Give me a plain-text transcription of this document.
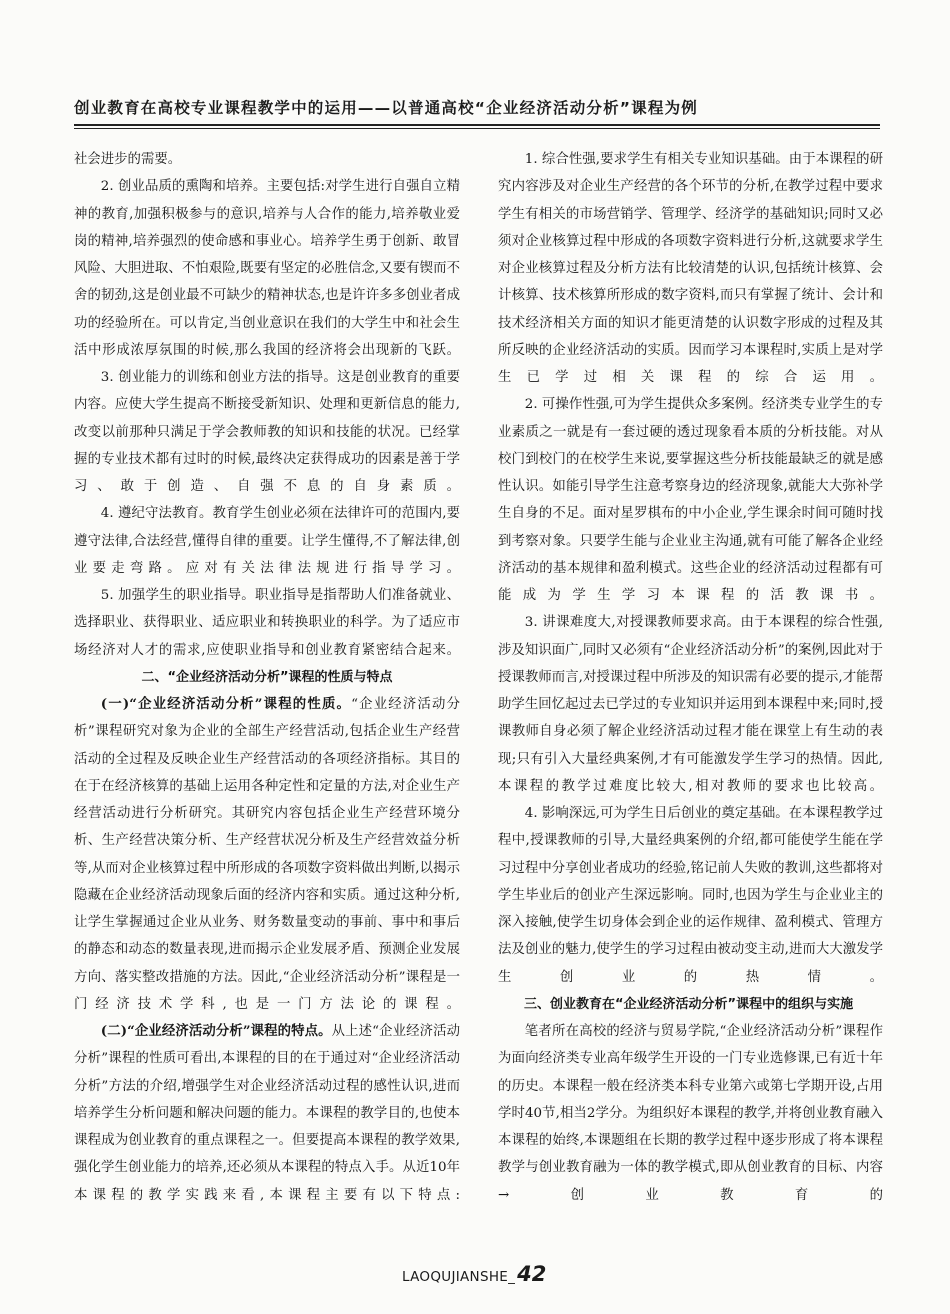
创业教育在高校专业课程教学中的运用——以普通高校“企业经济活动分析”课程为例

社会进步的需要。

2. 创业品质的熏陶和培养。主要包括:对学生进行自强自立精神的教育,加强积极参与的意识,培养与人合作的能力,培养敬业爱岗的精神,培养强烈的使命感和事业心。培养学生勇于创新、敢冒风险、大胆进取、不怕艰险,既要有坚定的必胜信念,又要有锲而不舍的韧劲,这是创业最不可缺少的精神状态,也是许许多多创业者成功的经验所在。可以肯定,当创业意识在我们的大学生中和社会生活中形成浓厚氛围的时候,那么我国的经济将会出现新的飞跃。

3. 创业能力的训练和创业方法的指导。这是创业教育的重要内容。应使大学生提高不断接受新知识、处理和更新信息的能力,改变以前那种只满足于学会教师教的知识和技能的状况。已经掌握的专业技术都有过时的时候,最终决定获得成功的因素是善于学习、敢于创造、自强不息的自身素质。

4. 遵纪守法教育。教育学生创业必须在法律许可的范围内,要遵守法律,合法经营,懂得自律的重要。让学生懂得,不了解法律,创业要走弯路。应对有关法律法规进行指导学习。

5. 加强学生的职业指导。职业指导是指帮助人们准备就业、选择职业、获得职业、适应职业和转换职业的科学。为了适应市场经济对人才的需求,应使职业指导和创业教育紧密结合起来。

二、“企业经济活动分析”课程的性质与特点

(一)“企业经济活动分析”课程的性质。“企业经济活动分析”课程研究对象为企业的全部生产经营活动,包括企业生产经营活动的全过程及反映企业生产经营活动的各项经济指标。其目的在于在经济核算的基础上运用各种定性和定量的方法,对企业生产经营活动进行分析研究。其研究内容包括企业生产经营环境分析、生产经营决策分析、生产经营状况分析及生产经营效益分析等,从而对企业核算过程中所形成的各项数字资料做出判断,以揭示隐藏在企业经济活动现象后面的经济内容和实质。通过这种分析,让学生掌握通过企业从业务、财务数量变动的事前、事中和事后的静态和动态的数量表现,进而揭示企业发展矛盾、预测企业发展方向、落实整改措施的方法。因此,“企业经济活动分析”课程是一门经济技术学科,也是一门方法论的课程。

(二)“企业经济活动分析”课程的特点。从上述“企业经济活动分析”课程的性质可看出,本课程的目的在于通过对“企业经济活动分析”方法的介绍,增强学生对企业经济活动过程的感性认识,进而培养学生分析问题和解决问题的能力。本课程的教学目的,也使本课程成为创业教育的重点课程之一。但要提高本课程的教学效果,强化学生创业能力的培养,还必须从本课程的特点入手。从近10年本课程的教学实践来看,本课程主要有以下特点:

1. 综合性强,要求学生有相关专业知识基础。由于本课程的研究内容涉及对企业生产经营的各个环节的分析,在教学过程中要求学生有相关的市场营销学、管理学、经济学的基础知识;同时又必须对企业核算过程中形成的各项数字资料进行分析,这就要求学生对企业核算过程及分析方法有比较清楚的认识,包括统计核算、会计核算、技术核算所形成的数字资料,而只有掌握了统计、会计和技术经济相关方面的知识才能更清楚的认识数字形成的过程及其所反映的企业经济活动的实质。因而学习本课程时,实质上是对学生已学过相关课程的综合运用。

2. 可操作性强,可为学生提供众多案例。经济类专业学生的专业素质之一就是有一套过硬的透过现象看本质的分析技能。对从校门到校门的在校学生来说,要掌握这些分析技能最缺乏的就是感性认识。如能引导学生注意考察身边的经济现象,就能大大弥补学生自身的不足。面对星罗棋布的中小企业,学生课余时间可随时找到考察对象。只要学生能与企业业主沟通,就有可能了解各企业经济活动的基本规律和盈利模式。这些企业的经济活动过程都有可能成为学生学习本课程的活教课书。

3. 讲课难度大,对授课教师要求高。由于本课程的综合性强,涉及知识面广,同时又必须有“企业经济活动分析”的案例,因此对于授课教师而言,对授课过程中所涉及的知识需有必要的提示,才能帮助学生回忆起过去已学过的专业知识并运用到本课程中来;同时,授课教师自身必须了解企业经济活动过程才能在课堂上有生动的表现;只有引入大量经典案例,才有可能激发学生学习的热情。因此,本课程的教学过难度比较大,相对教师的要求也比较高。

4. 影响深远,可为学生日后创业的奠定基础。在本课程教学过程中,授课教师的引导,大量经典案例的介绍,都可能使学生能在学习过程中分享创业者成功的经验,铭记前人失败的教训,这些都将对学生毕业后的创业产生深远影响。同时,也因为学生与企业业主的深入接触,使学生切身体会到企业的运作规律、盈利模式、管理方法及创业的魅力,使学生的学习过程由被动变主动,进而大大激发学生创业的热情。

三、创业教育在“企业经济活动分析”课程中的组织与实施

笔者所在高校的经济与贸易学院,“企业经济活动分析”课程作为面向经济类专业高年级学生开设的一门专业选修课,已有近十年的历史。本课程一般在经济类本科专业第六或第七学期开设,占用学时40节,相当2学分。为组织好本课程的教学,并将创业教育融入本课程的始终,本课题组在长期的教学过程中逐步形成了将本课程教学与创业教育融为一体的教学模式,即从创业教育的目标、内容→创业教育的

LAOQUJIANSHE_42
